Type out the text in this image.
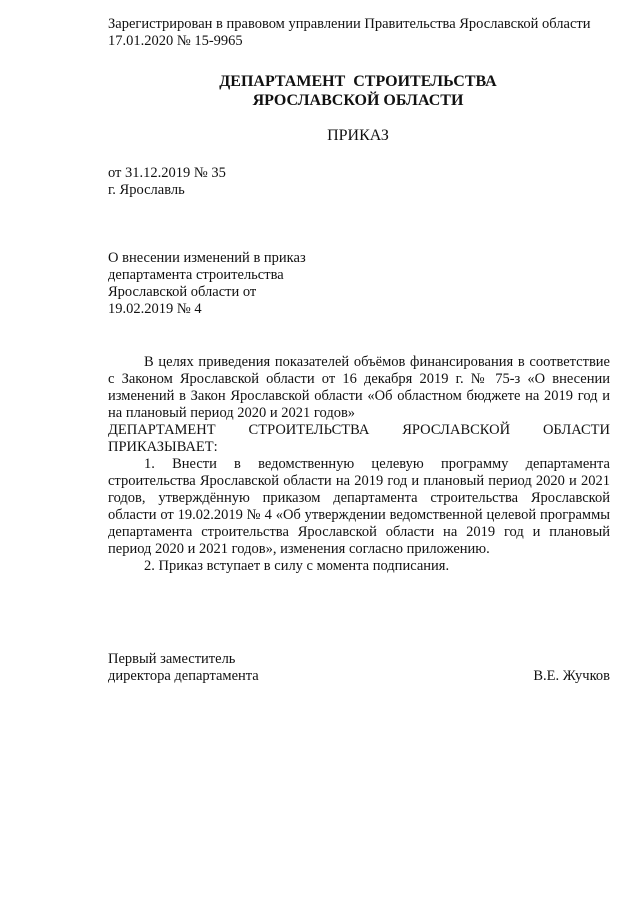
Зарегистрирован в правовом управлении Правительства Ярославской области
17.01.2020 № 15-9965
ДЕПАРТАМЕНТ  СТРОИТЕЛЬСТВА
ЯРОСЛАВСКОЙ ОБЛАСТИ
ПРИКАЗ
от 31.12.2019 № 35
г. Ярославль
О внесении изменений в приказ
департамента строительства
Ярославской области от
19.02.2019 № 4

В целях приведения показателей объёмов финансирования в соответствие с Законом Ярославской области от 16 декабря 2019 г. № 75-з «О внесении изменений в Закон Ярославской области «Об областном бюджете на 2019 год и на плановый период 2020 и 2021 годов»

ДЕПАРТАМЕНТ СТРОИТЕЛЬСТВА ЯРОСЛАВСКОЙ ОБЛАСТИ

ПРИКАЗЫВАЕТ:

1. Внести в ведомственную целевую программу департамента строительства Ярославской области на 2019 год и плановый период 2020 и 2021 годов, утверждённую приказом департамента строительства Ярославской области от 19.02.2019 № 4 «Об утверждении ведомственной целевой программы департамента строительства Ярославской области на 2019 год и плановый период 2020 и 2021 годов», изменения согласно приложению.

2. Приказ вступает в силу с момента подписания.

Первый заместитель
директора департамента	В.Е. Жучков
